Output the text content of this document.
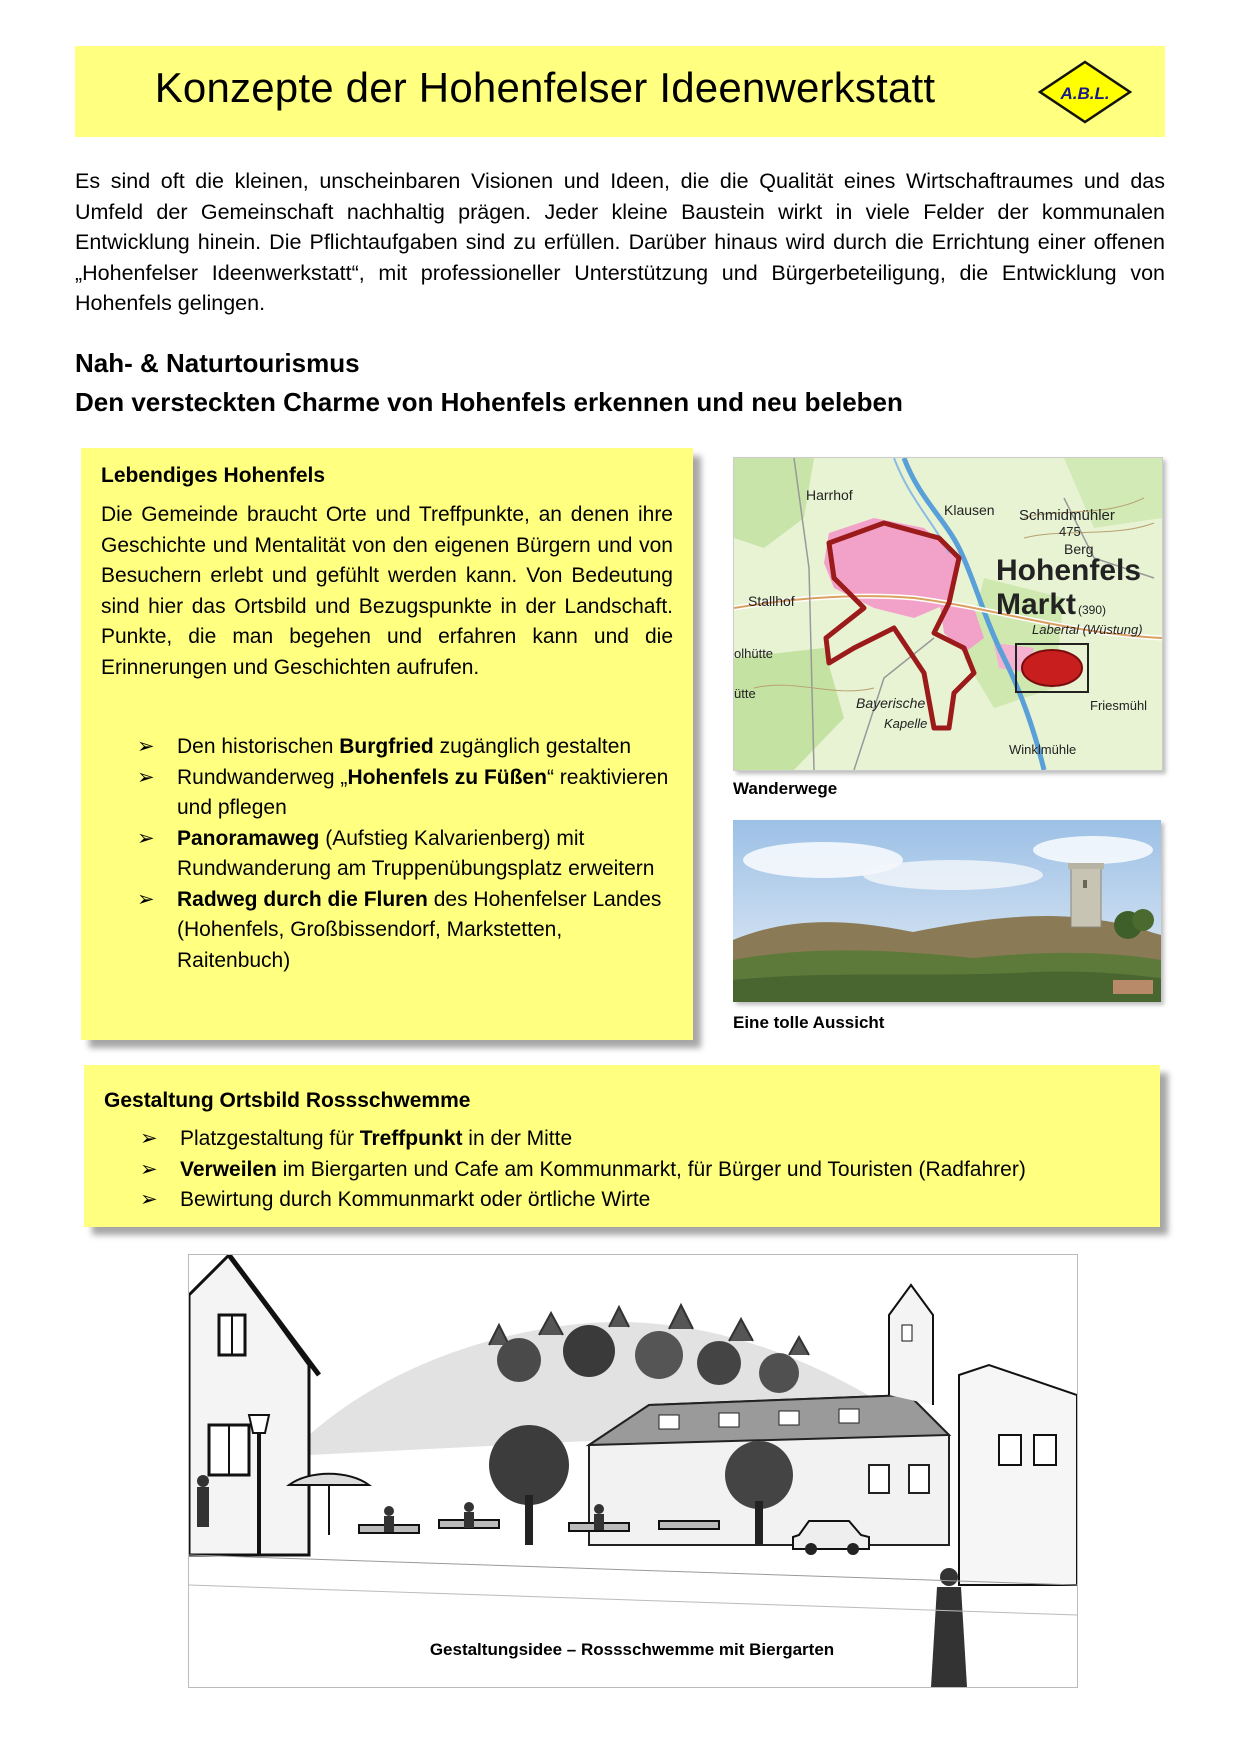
Konzepte der Hohenfelser Ideenwerkstatt	A.B.L.

Es sind oft die kleinen, unscheinbaren Visionen und Ideen, die die Qualität eines Wirtschaftraumes und das Umfeld der Gemeinschaft nachhaltig prägen. Jeder kleine Baustein wirkt in viele Felder der kommunalen Entwicklung hinein. Die Pflichtaufgaben sind zu erfüllen. Darüber hinaus wird durch die Errichtung einer offenen „Hohenfelser Ideenwerkstatt“, mit professioneller Unterstützung und Bürgerbeteiligung, die Entwicklung von Hohenfels gelingen.

Nah- & Naturtourismus

Den versteckten Charme von Hohenfels erkennen und neu beleben

Lebendiges Hohenfels

Die Gemeinde braucht Orte und Treffpunkte, an denen ihre Geschichte und Mentalität von den eigenen Bürgern und von Besuchern erlebt und gefühlt werden kann. Von Bedeutung sind hier das Ortsbild und Bezugspunkte in der Landschaft. Punkte, die man begehen und erfahren kann und die Erinnerungen und Geschichten aufrufen.

➢ Den historischen Burgfried zugänglich gestalten
➢ Rundwanderweg „Hohenfels zu Füßen“ reaktivieren und pflegen
➢ Panoramaweg (Aufstieg Kalvarienberg) mit Rundwanderung am Truppenübungsplatz erweitern
➢ Radweg durch die Fluren des Hohenfelser Landes (Hohenfels, Großbissendorf, Markstetten, Raitenbuch)
Harrhof
Klausen Schmidmühler
475
Berg
Hohenfels
Markt (390)
Labertal (Wüstung)
Stallhof
olhütte
ütte
Bayerische
Kapelle
Friesmühl
Winklmühle

Wanderwege

Eine tolle Aussicht

Gestaltung Ortsbild Rossschwemme

➢ Platzgestaltung für Treffpunkt in der Mitte
➢ Verweilen im Biergarten und Cafe am Kommunmarkt, für Bürger und Touristen (Radfahrer)
➢ Bewirtung durch Kommunmarkt oder örtliche Wirte

Gestaltungsidee – Rossschwemme mit Biergarten
